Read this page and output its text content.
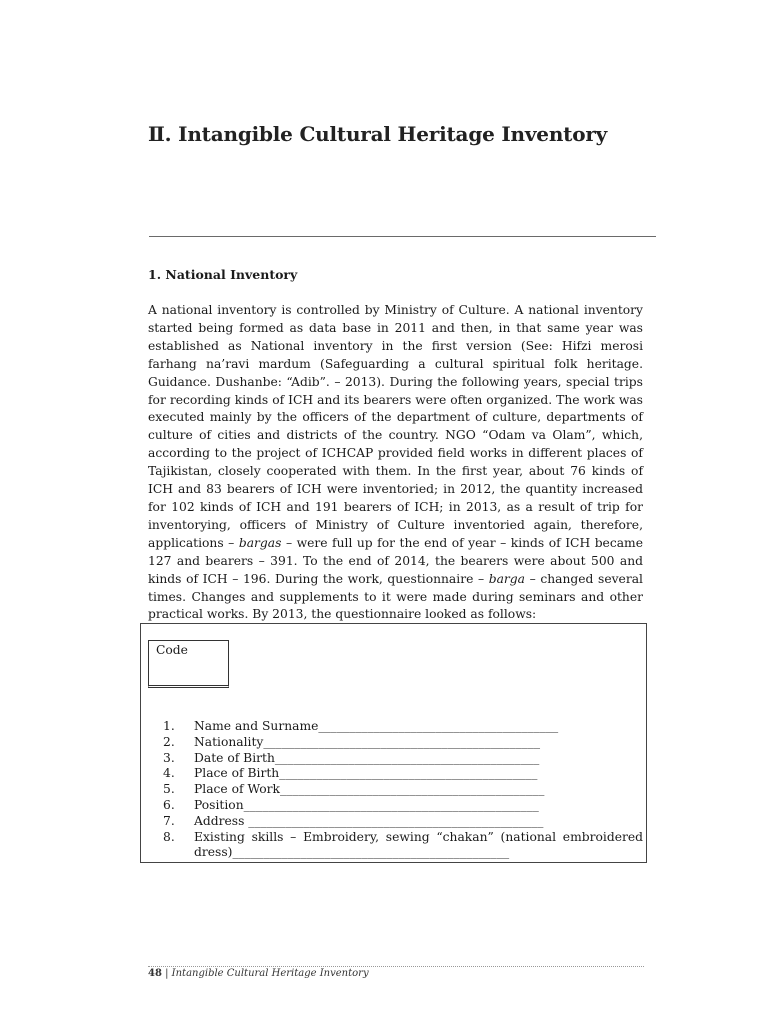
Ⅱ. Intangible Cultural Heritage Inventory
1. National Inventory

A national inventory is controlled by Ministry of Culture. A national inventory started being formed as data base in 2011 and then, in that same year was established as National inventory in the first version (See: Hifzi merosi farhang na’ravi mardum (Safeguarding a cultural spiritual folk heritage. Guidance. Dushanbe: “Adib”. – 2013). During the following years, special trips for recording kinds of ICH and its bearers were often organized. The work was executed mainly by the officers of the department of culture, departments of culture of cities and districts of the country. NGO “Odam va Olam”, which, according to the project of ICHCAP provided field works in different places of Tajikistan, closely cooperated with them. In the first year, about 76 kinds of ICH and 83 bearers of ICH were inventoried; in 2012, the quantity increased for 102 kinds of ICH and 191 bearers of ICH; in 2013, as a result of trip for inventorying, officers of Ministry of Culture inventoried again, therefore, applications – bargas – were full up for the end of year – kinds of ICH became 127 and bearers – 391. To the end of 2014, the bearers were about 500 and kinds of ICH – 196. During the work, questionnaire – barga – changed several times. Changes and supplements to it were made during seminars and other practical works. By 2013, the questionnaire looked as follows:

Code
1.	Name and Surname_______________________________________
2.	Nationality_____________________________________________
3.	Date of Birth___________________________________________
4.	Place of Birth__________________________________________
5.	Place of Work___________________________________________
6.	Position________________________________________________
7.	Address ________________________________________________
8.	Existing skills – Embroidery, sewing “chakan” (national embroidered dress)_____________________________________________
48 | Intangible Cultural Heritage Inventory
